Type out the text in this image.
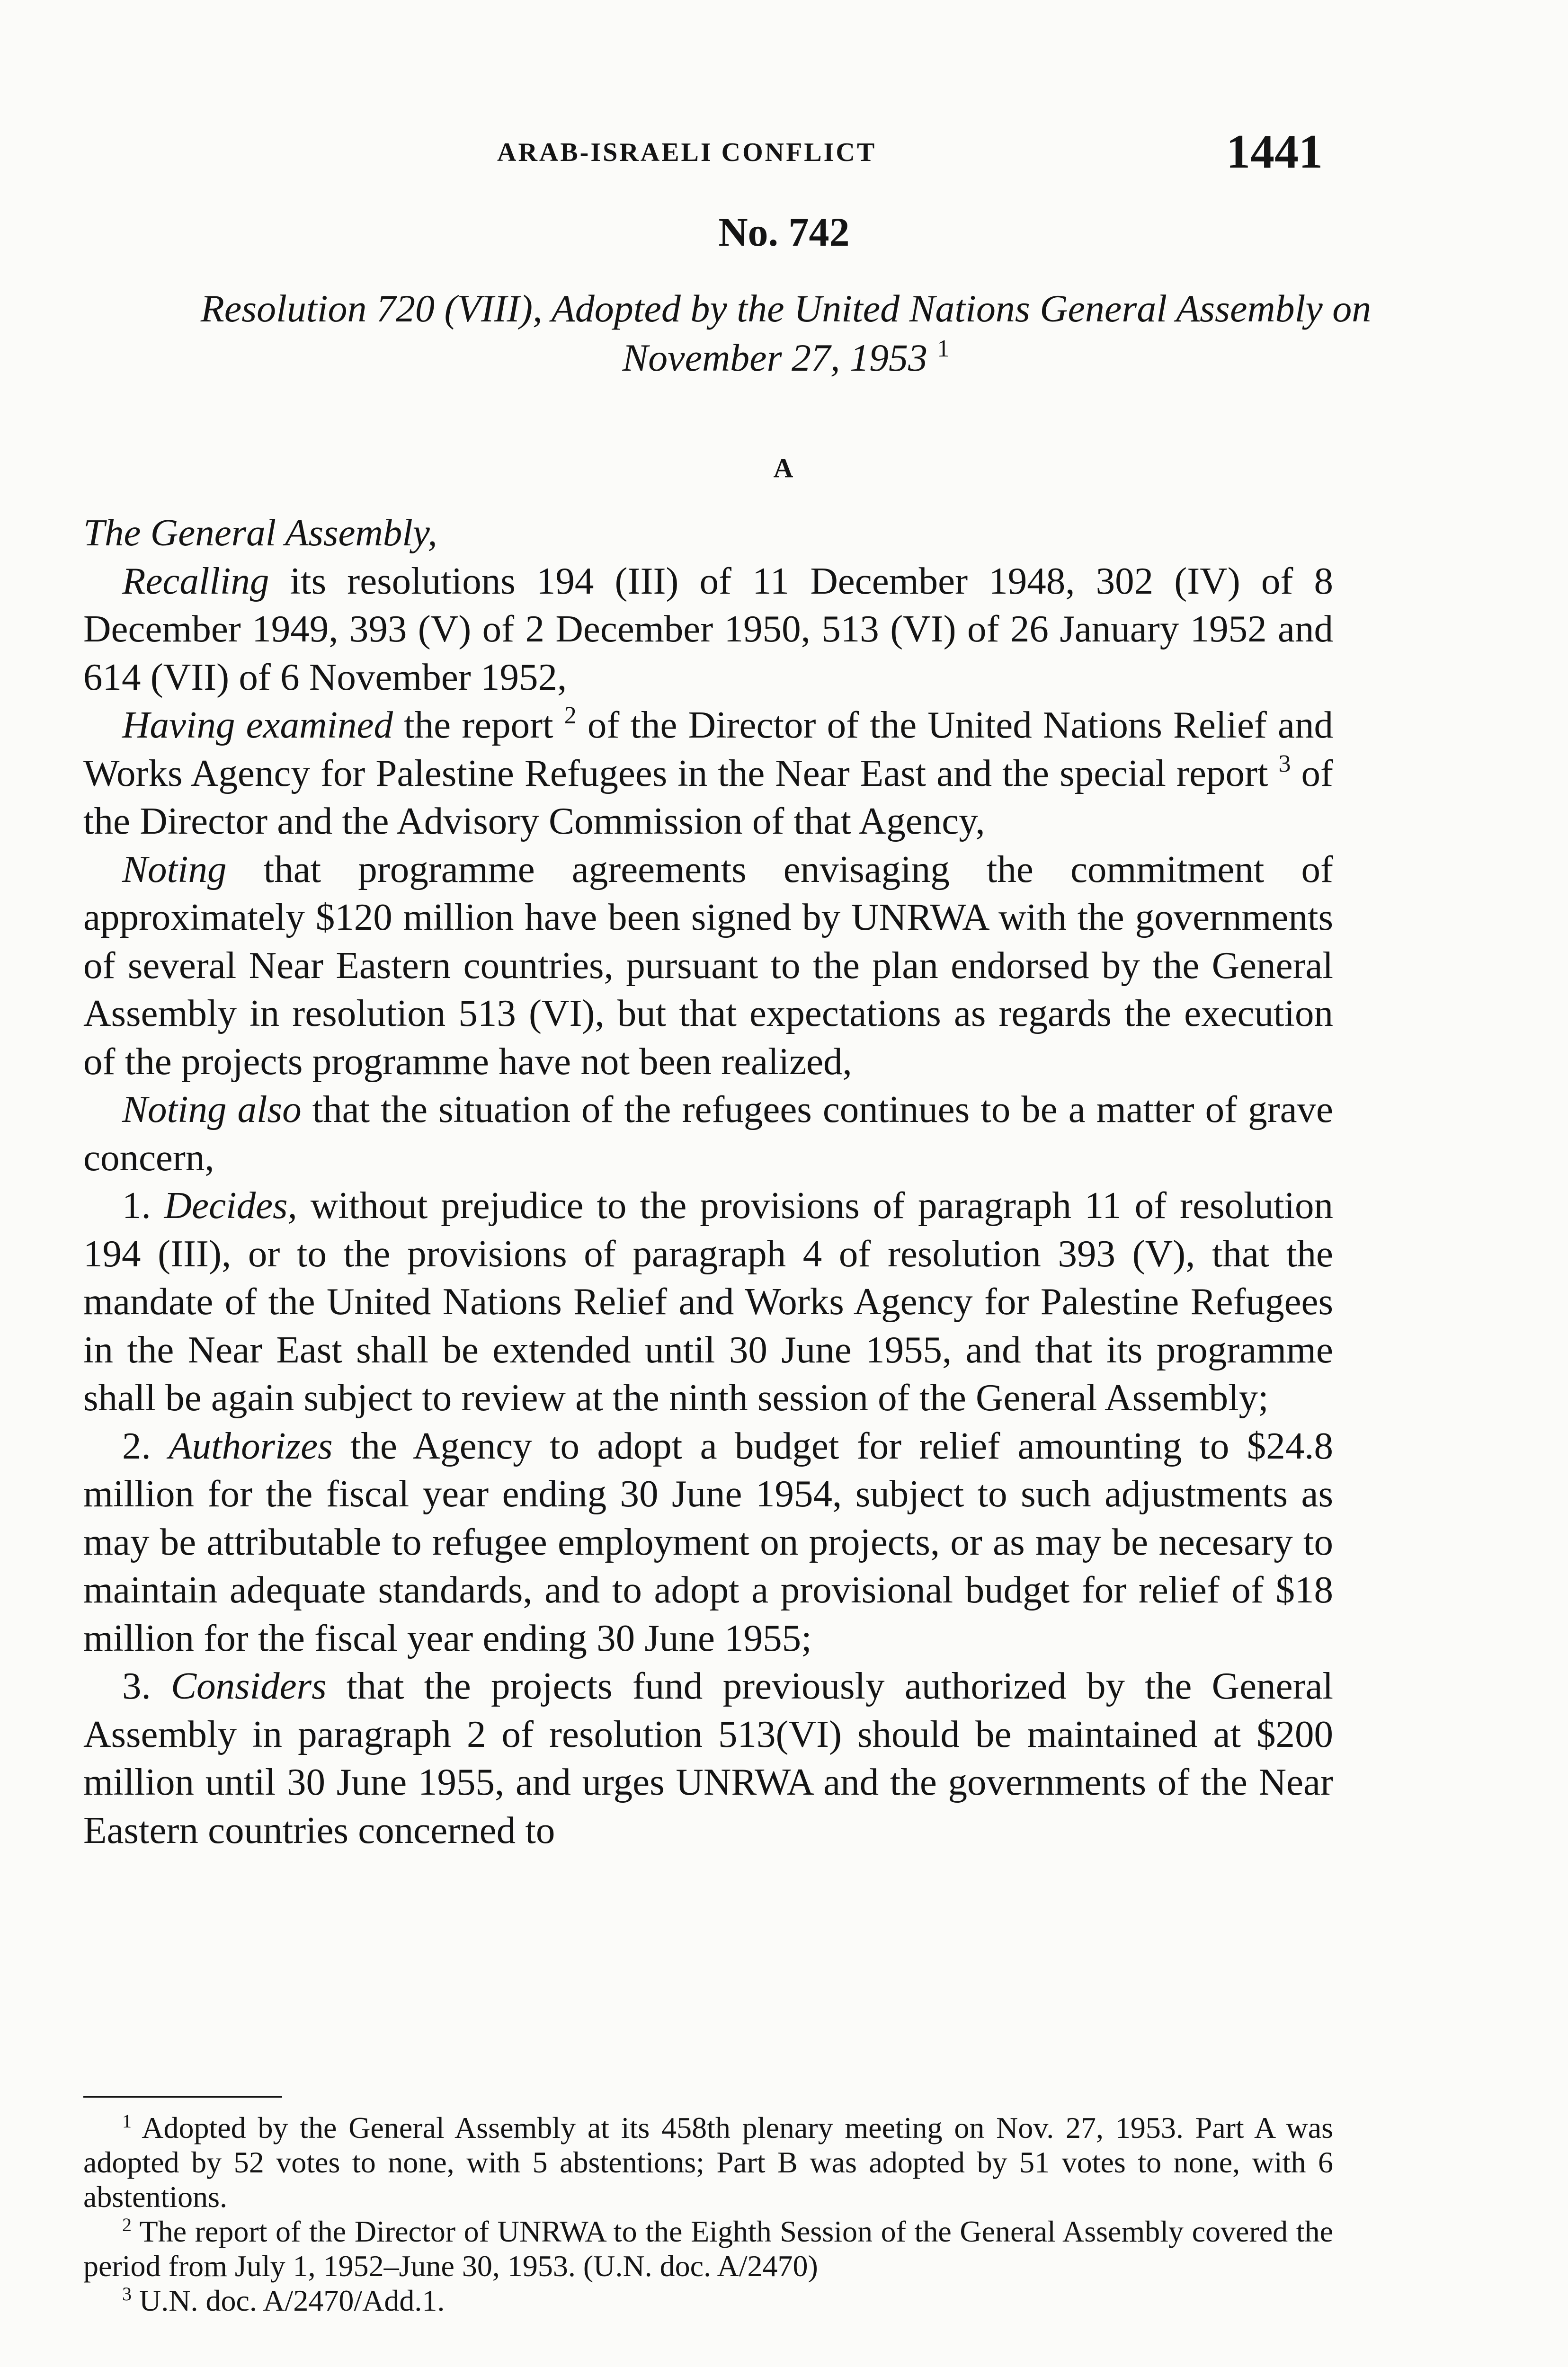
ARAB-ISRAELI CONFLICT	1441
No. 742
Resolution 720 (VIII), Adopted by the United Nations General Assembly on November 27, 1953 $^1$
A

The General Assembly,

Recalling its resolutions 194 (III) of 11 December 1948, 302 (IV) of 8 December 1949, 393 (V) of 2 December 1950, 513 (VI) of 26 January 1952 and 614 (VII) of 6 November 1952,

Having examined the report $^2$ of the Director of the United Nations Relief and Works Agency for Palestine Refugees in the Near East and the special report $^3$ of the Director and the Advisory Commission of that Agency,

Noting that programme agreements envisaging the commitment of approximately $120 million have been signed by UNRWA with the governments of several Near Eastern countries, pursuant to the plan endorsed by the General Assembly in resolution 513 (VI), but that expectations as regards the execution of the projects programme have not been realized,

Noting also that the situation of the refugees continues to be a matter of grave concern,

1. Decides, without prejudice to the provisions of paragraph 11 of resolution 194 (III), or to the provisions of paragraph 4 of resolution 393 (V), that the mandate of the United Nations Relief and Works Agency for Palestine Refugees in the Near East shall be extended until 30 June 1955, and that its programme shall be again subject to review at the ninth session of the General Assembly;

2. Authorizes the Agency to adopt a budget for relief amounting to $24.8 million for the fiscal year ending 30 June 1954, subject to such adjustments as may be attributable to refugee employment on projects, or as may be necesary to maintain adequate standards, and to adopt a provisional budget for relief of $18 million for the fiscal year ending 30 June 1955;

3. Considers that the projects fund previously authorized by the General Assembly in paragraph 2 of resolution 513(VI) should be maintained at $200 million until 30 June 1955, and urges UNRWA and the governments of the Near Eastern countries concerned to

$^1$ Adopted by the General Assembly at its 458th plenary meeting on Nov. 27, 1953. Part A was adopted by 52 votes to none, with 5 abstentions; Part B was adopted by 51 votes to none, with 6 abstentions.

$^2$ The report of the Director of UNRWA to the Eighth Session of the General Assembly covered the period from July 1, 1952–June 30, 1953. (U.N. doc. A/2470)

$^3$ U.N. doc. A/2470/Add.1.
